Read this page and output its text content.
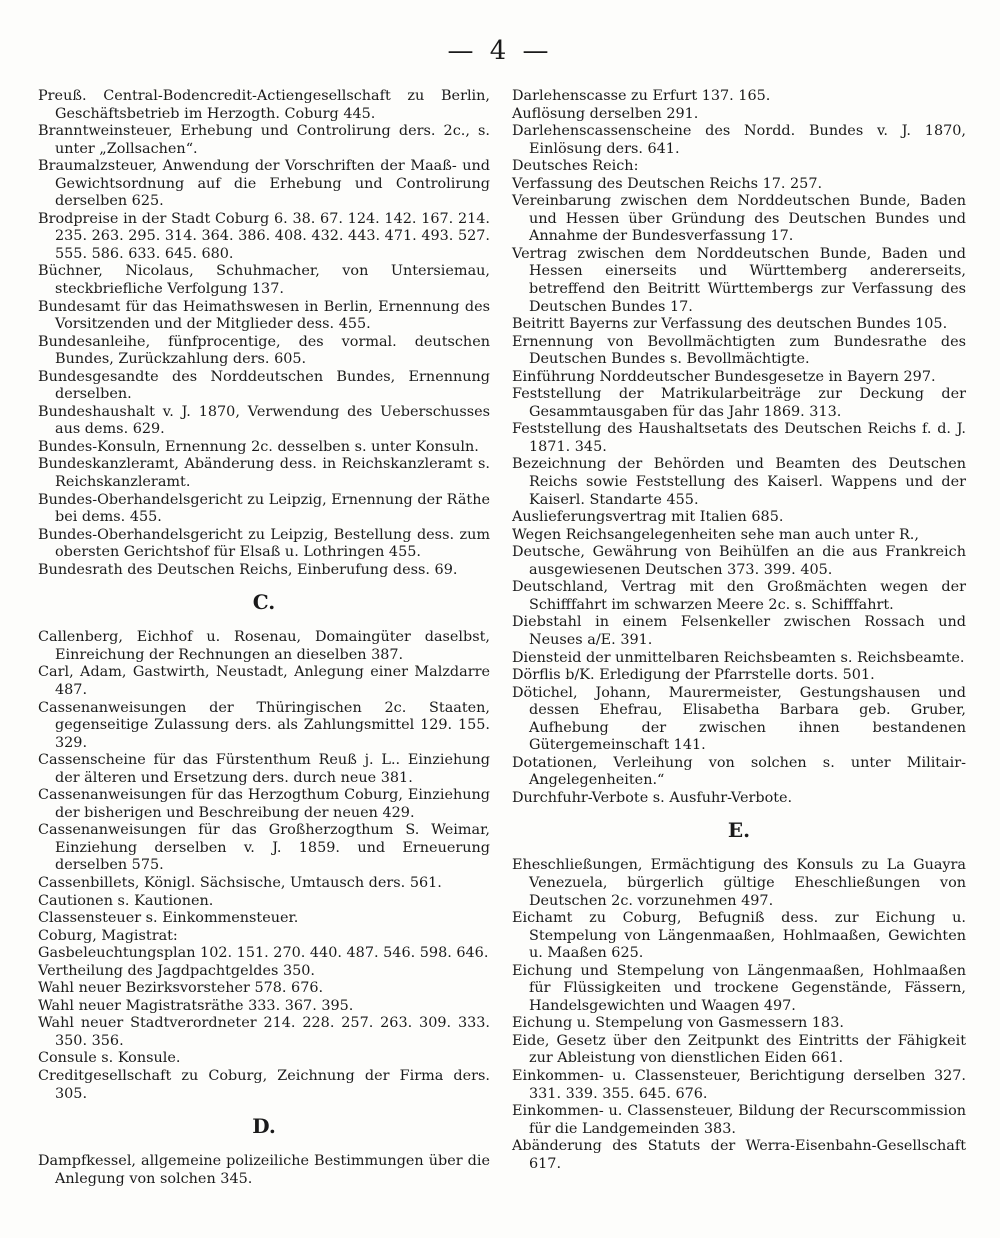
— 4 —

Preuß. Central-Bodencredit-Actiengesellschaft zu Berlin, Geschäftsbetrieb im Herzogth. Coburg 445.

Branntweinsteuer, Erhebung und Controlirung ders. 2c., s. unter „Zollsachen“.

Braumalzsteuer, Anwendung der Vorschriften der Maaß- und Gewichtsordnung auf die Erhebung und Controlirung derselben 625.

Brodpreise in der Stadt Coburg 6. 38. 67. 124. 142. 167. 214. 235. 263. 295. 314. 364. 386. 408. 432. 443. 471. 493. 527. 555. 586. 633. 645. 680.

Büchner, Nicolaus, Schuhmacher, von Untersiemau, steckbriefliche Verfolgung 137.

Bundesamt für das Heimathswesen in Berlin, Ernennung des Vorsitzenden und der Mitglieder dess. 455.

Bundesanleihe, fünfprocentige, des vormal. deutschen Bundes, Zurückzahlung ders. 605.

Bundesgesandte des Norddeutschen Bundes, Ernennung derselben.

Bundeshaushalt v. J. 1870, Verwendung des Ueberschusses aus dems. 629.

Bundes-Konsuln, Ernennung 2c. desselben s. unter Konsuln.

Bundeskanzleramt, Abänderung dess. in Reichskanzleramt s. Reichskanzleramt.

Bundes-Oberhandelsgericht zu Leipzig, Ernennung der Räthe bei dems. 455.

Bundes-Oberhandelsgericht zu Leipzig, Bestellung dess. zum obersten Gerichtshof für Elsaß u. Lothringen 455.

Bundesrath des Deutschen Reichs, Einberufung dess. 69.

C.

Callenberg, Eichhof u. Rosenau, Domaingüter daselbst, Einreichung der Rechnungen an dieselben 387.

Carl, Adam, Gastwirth, Neustadt, Anlegung einer Malzdarre 487.

Cassenanweisungen der Thüringischen 2c. Staaten, gegenseitige Zulassung ders. als Zahlungsmittel 129. 155. 329.

Cassenscheine für das Fürstenthum Reuß j. L.. Einziehung der älteren und Ersetzung ders. durch neue 381.

Cassenanweisungen für das Herzogthum Coburg, Einziehung der bisherigen und Beschreibung der neuen 429.

Cassenanweisungen für das Großherzogthum S. Weimar, Einziehung derselben v. J. 1859. und Erneuerung derselben 575.

Cassenbillets, Königl. Sächsische, Umtausch ders. 561.

Cautionen s. Kautionen.

Classensteuer s. Einkommensteuer.

Coburg, Magistrat:

Gasbeleuchtungsplan 102. 151. 270. 440. 487. 546. 598. 646.

Vertheilung des Jagdpachtgeldes 350.

Wahl neuer Bezirksvorsteher 578. 676.

Wahl neuer Magistratsräthe 333. 367. 395.

Wahl neuer Stadtverordneter 214. 228. 257. 263. 309. 333. 350. 356.

Consule s. Konsule.

Creditgesellschaft zu Coburg, Zeichnung der Firma ders. 305.

D.

Dampfkessel, allgemeine polizeiliche Bestimmungen über die Anlegung von solchen 345.

Darlehenscasse zu Erfurt 137. 165.

Auflösung derselben 291.

Darlehenscassenscheine des Nordd. Bundes v. J. 1870, Einlösung ders. 641.

Deutsches Reich:

Verfassung des Deutschen Reichs 17. 257.

Vereinbarung zwischen dem Norddeutschen Bunde, Baden und Hessen über Gründung des Deutschen Bundes und Annahme der Bundesverfassung 17.

Vertrag zwischen dem Norddeutschen Bunde, Baden und Hessen einerseits und Württemberg andererseits, betreffend den Beitritt Württembergs zur Verfassung des Deutschen Bundes 17.

Beitritt Bayerns zur Verfassung des deutschen Bundes 105.

Ernennung von Bevollmächtigten zum Bundesrathe des Deutschen Bundes s. Bevollmächtigte.

Einführung Norddeutscher Bundesgesetze in Bayern 297.

Feststellung der Matrikularbeiträge zur Deckung der Gesammtausgaben für das Jahr 1869. 313.

Feststellung des Haushaltsetats des Deutschen Reichs f. d. J. 1871. 345.

Bezeichnung der Behörden und Beamten des Deutschen Reichs sowie Feststellung des Kaiserl. Wappens und der Kaiserl. Standarte 455.

Auslieferungsvertrag mit Italien 685.

Wegen Reichsangelegenheiten sehe man auch unter R.,

Deutsche, Gewährung von Beihülfen an die aus Frankreich ausgewiesenen Deutschen 373. 399. 405.

Deutschland, Vertrag mit den Großmächten wegen der Schifffahrt im schwarzen Meere 2c. s. Schifffahrt.

Diebstahl in einem Felsenkeller zwischen Rossach und Neuses a/E. 391.

Diensteid der unmittelbaren Reichsbeamten s. Reichsbeamte.

Dörflis b/K. Erledigung der Pfarrstelle dorts. 501.

Dötichel, Johann, Maurermeister, Gestungshausen und dessen Ehefrau, Elisabetha Barbara geb. Gruber, Aufhebung der zwischen ihnen bestandenen Gütergemeinschaft 141.

Dotationen, Verleihung von solchen s. unter Militair-Angelegenheiten.“

Durchfuhr-Verbote s. Ausfuhr-Verbote.

E.

Eheschließungen, Ermächtigung des Konsuls zu La Guayra Venezuela, bürgerlich gültige Eheschließungen von Deutschen 2c. vorzunehmen 497.

Eichamt zu Coburg, Befugniß dess. zur Eichung u. Stempelung von Längenmaaßen, Hohlmaaßen, Gewichten u. Maaßen 625.

Eichung und Stempelung von Längenmaaßen, Hohlmaaßen für Flüssigkeiten und trockene Gegenstände, Fässern, Handelsgewichten und Waagen 497.

Eichung u. Stempelung von Gasmessern 183.

Eide, Gesetz über den Zeitpunkt des Eintritts der Fähigkeit zur Ableistung von dienstlichen Eiden 661.

Einkommen- u. Classensteuer, Berichtigung derselben 327. 331. 339. 355. 645. 676.

Einkommen- u. Classensteuer, Bildung der Recurscommission für die Landgemeinden 383.

Abänderung des Statuts der Werra-Eisenbahn-Gesellschaft 617.
